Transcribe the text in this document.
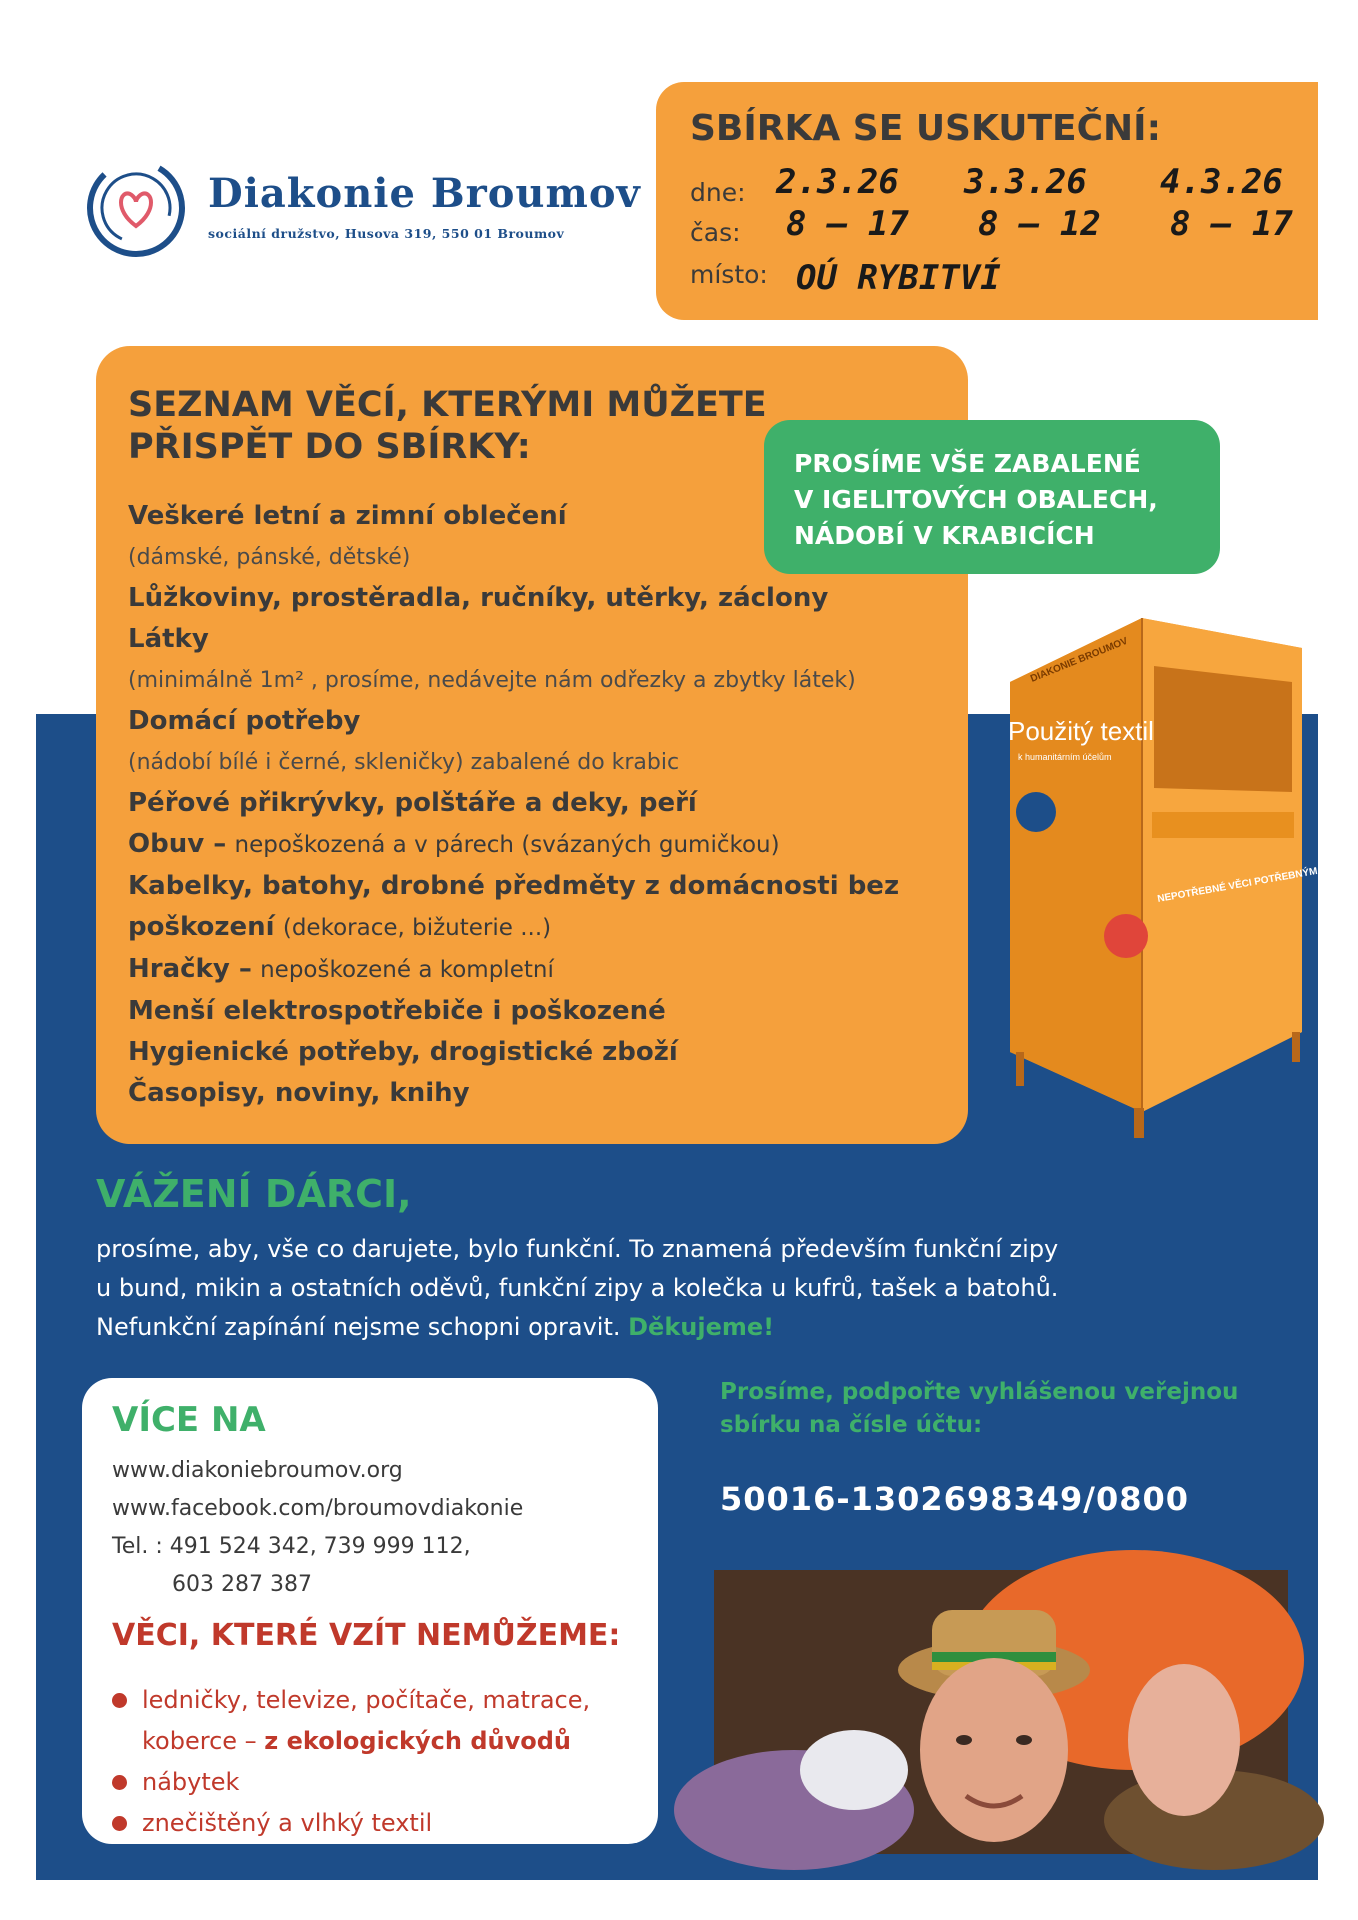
Diakonie Broumov
sociální družstvo, Husova 319, 550 01 Broumov
SBÍRKA SE USKUTEČNÍ:
dne: 2.3.26 3.3.26 4.3.26
čas: 8 – 17 8 – 12 8 – 17
místo: OÚ RYBITVÍ
SEZNAM VĚCÍ, KTERÝMI MŮŽETE
PŘISPĚT DO SBÍRKY:
Veškeré letní a zimní oblečení
(dámské, pánské, dětské)
Lůžkoviny, prostěradla, ručníky, utěrky, záclony
Látky
(minimálně 1m² , prosíme, nedávejte nám odřezky a zbytky látek)
Domácí potřeby
(nádobí bílé i černé, skleničky) zabalené do krabic
Péřové přikrývky, polštáře a deky, peří
Obuv – nepoškozená a v párech (svázaných gumičkou)
Kabelky, batohy, drobné předměty z domácnosti bez
poškození (dekorace, bižuterie ...)
Hračky – nepoškozené a kompletní
Menší elektrospotřebiče i poškozené
Hygienické potřeby, drogistické zboží
Časopisy, noviny, knihy
PROSÍME VŠE ZABALENÉ
V IGELITOVÝCH OBALECH,
NÁDOBÍ V KRABICÍCH
DIAKONIE BROUMOV
Použitý textil
k humanitárním účelům
NEPOTŘEBNÉ VĚCI POTŘEBNÝM LIDEM
VÁŽENÍ DÁRCI,
prosíme, aby, vše co darujete, bylo funkční. To znamená především funkční zipy
u bund, mikin a ostatních oděvů, funkční zipy a kolečka u kufrů, tašek a batohů.
Nefunkční zapínání nejsme schopni opravit. Děkujeme!
VÍCE NA
www.diakoniebroumov.org
www.facebook.com/broumovdiakonie
Tel. : 491 524 342, 739 999 112,
603 287 387
VĚCI, KTERÉ VZÍT NEMŮŽEME:
ledničky, televize, počítače, matrace,
koberce – z ekologických důvodů
nábytek
znečištěný a vlhký textil
Prosíme, podpořte vyhlášenou veřejnou
sbírku na čísle účtu:
50016-1302698349/0800
